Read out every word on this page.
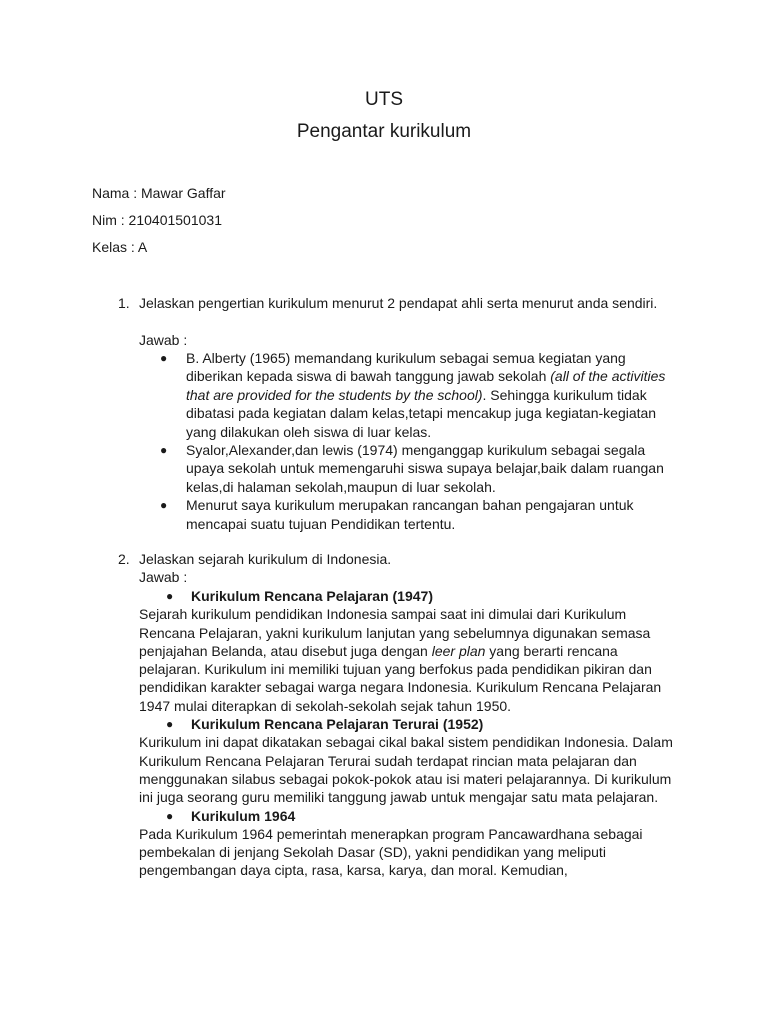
UTS
Pengantar kurikulum
Nama : Mawar Gaffar
Nim : 210401501031
Kelas : A
1. Jelaskan pengertian kurikulum menurut 2 pendapat ahli serta menurut anda sendiri.
Jawab :
● B. Alberty (1965) memandang kurikulum sebagai semua kegiatan yang diberikan kepada siswa di bawah tanggung jawab sekolah (all of the activities that are provided for the students by the school). Sehingga kurikulum tidak dibatasi pada kegiatan dalam kelas,tetapi mencakup juga kegiatan-kegiatan yang dilakukan oleh siswa di luar kelas.
● Syalor,Alexander,dan lewis (1974) menganggap kurikulum sebagai segala upaya sekolah untuk memengaruhi siswa supaya belajar,baik dalam ruangan kelas,di halaman sekolah,maupun di luar sekolah.
● Menurut saya kurikulum merupakan rancangan bahan pengajaran untuk mencapai suatu tujuan Pendidikan tertentu.
2. Jelaskan sejarah kurikulum di Indonesia.
Jawab :
● Kurikulum Rencana Pelajaran (1947)
Sejarah kurikulum pendidikan Indonesia sampai saat ini dimulai dari Kurikulum Rencana Pelajaran, yakni kurikulum lanjutan yang sebelumnya digunakan semasa penjajahan Belanda, atau disebut juga dengan leer plan yang berarti rencana pelajaran. Kurikulum ini memiliki tujuan yang berfokus pada pendidikan pikiran dan pendidikan karakter sebagai warga negara Indonesia. Kurikulum Rencana Pelajaran 1947 mulai diterapkan di sekolah-sekolah sejak tahun 1950.
● Kurikulum Rencana Pelajaran Terurai (1952)
Kurikulum ini dapat dikatakan sebagai cikal bakal sistem pendidikan Indonesia. Dalam Kurikulum Rencana Pelajaran Terurai sudah terdapat rincian mata pelajaran dan menggunakan silabus sebagai pokok-pokok atau isi materi pelajarannya. Di kurikulum ini juga seorang guru memiliki tanggung jawab untuk mengajar satu mata pelajaran.
● Kurikulum 1964
Pada Kurikulum 1964 pemerintah menerapkan program Pancawardhana sebagai pembekalan di jenjang Sekolah Dasar (SD), yakni pendidikan yang meliputi pengembangan daya cipta, rasa, karsa, karya, dan moral. Kemudian,
